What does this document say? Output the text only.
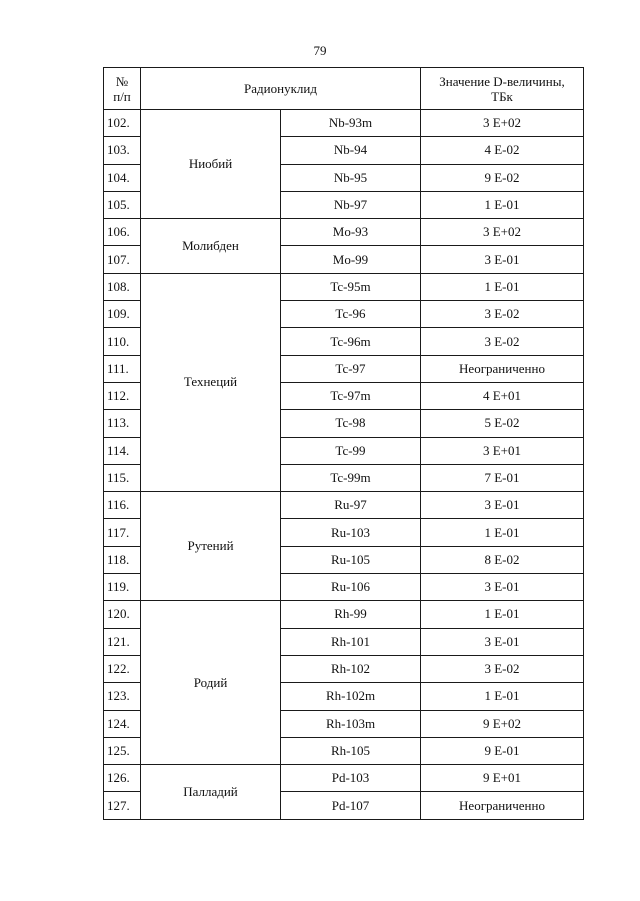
79
№
п/п	Радионуклид		Значение D-величины,
ТБк
102.	Ниобий	Nb-93m	3 E+02
103.		Nb-94	4 E-02
104.		Nb-95	9 E-02
105.		Nb-97	1 E-01
106.	Молибден	Mo-93	3 E+02
107.		Mo-99	3 E-01
108.	Технеций	Tc-95m	1 E-01
109.		Tc-96	3 E-02
110.		Tc-96m	3 E-02
111.		Tc-97	Неограниченно
112.		Tc-97m	4 E+01
113.		Tc-98	5 E-02
114.		Tc-99	3 E+01
115.		Tc-99m	7 E-01
116.	Рутений	Ru-97	3 E-01
117.		Ru-103	1 E-01
118.		Ru-105	8 E-02
119.		Ru-106	3 E-01
120.	Родий	Rh-99	1 E-01
121.		Rh-101	3 E-01
122.		Rh-102	3 E-02
123.		Rh-102m	1 E-01
124.		Rh-103m	9 E+02
125.		Rh-105	9 E-01
126.	Палладий	Pd-103	9 E+01
127.		Pd-107	Неограниченно
